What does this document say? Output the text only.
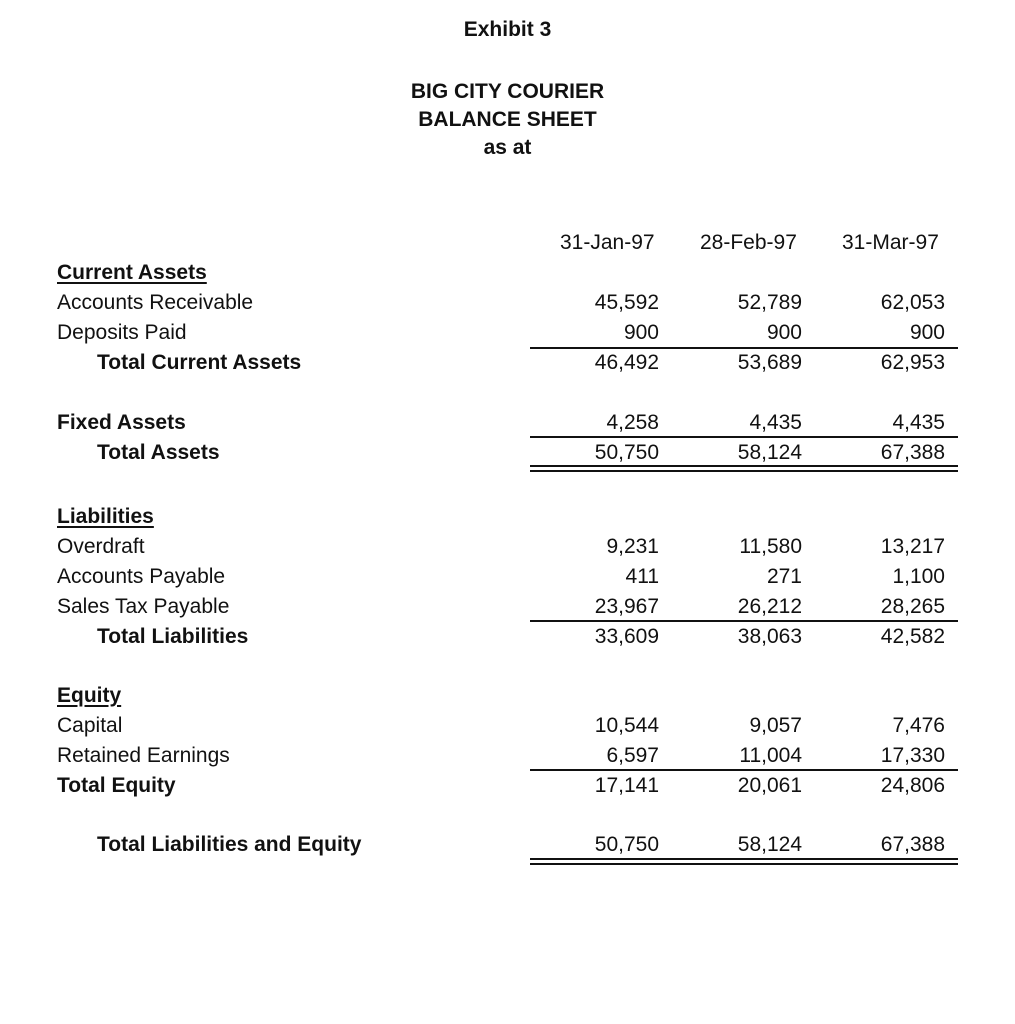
Exhibit 3
BIG CITY COURIER
BALANCE SHEET
as at
31-Jan-97 28-Feb-97 31-Mar-97
Current Assets
Accounts Receivable	45,592	52,789	62,053
Deposits Paid	900	900	900
Total Current Assets	46,492	53,689	62,953
Fixed Assets	4,258	4,435	4,435
Total Assets	50,750	58,124	67,388
Liabilities
Overdraft	9,231	11,580	13,217
Accounts Payable	411	271	1,100
Sales Tax Payable	23,967	26,212	28,265
Total Liabilities	33,609	38,063	42,582
Equity
Capital	10,544	9,057	7,476
Retained Earnings	6,597	11,004	17,330
Total Equity	17,141	20,061	24,806
Total Liabilities and Equity	50,750	58,124	67,388
